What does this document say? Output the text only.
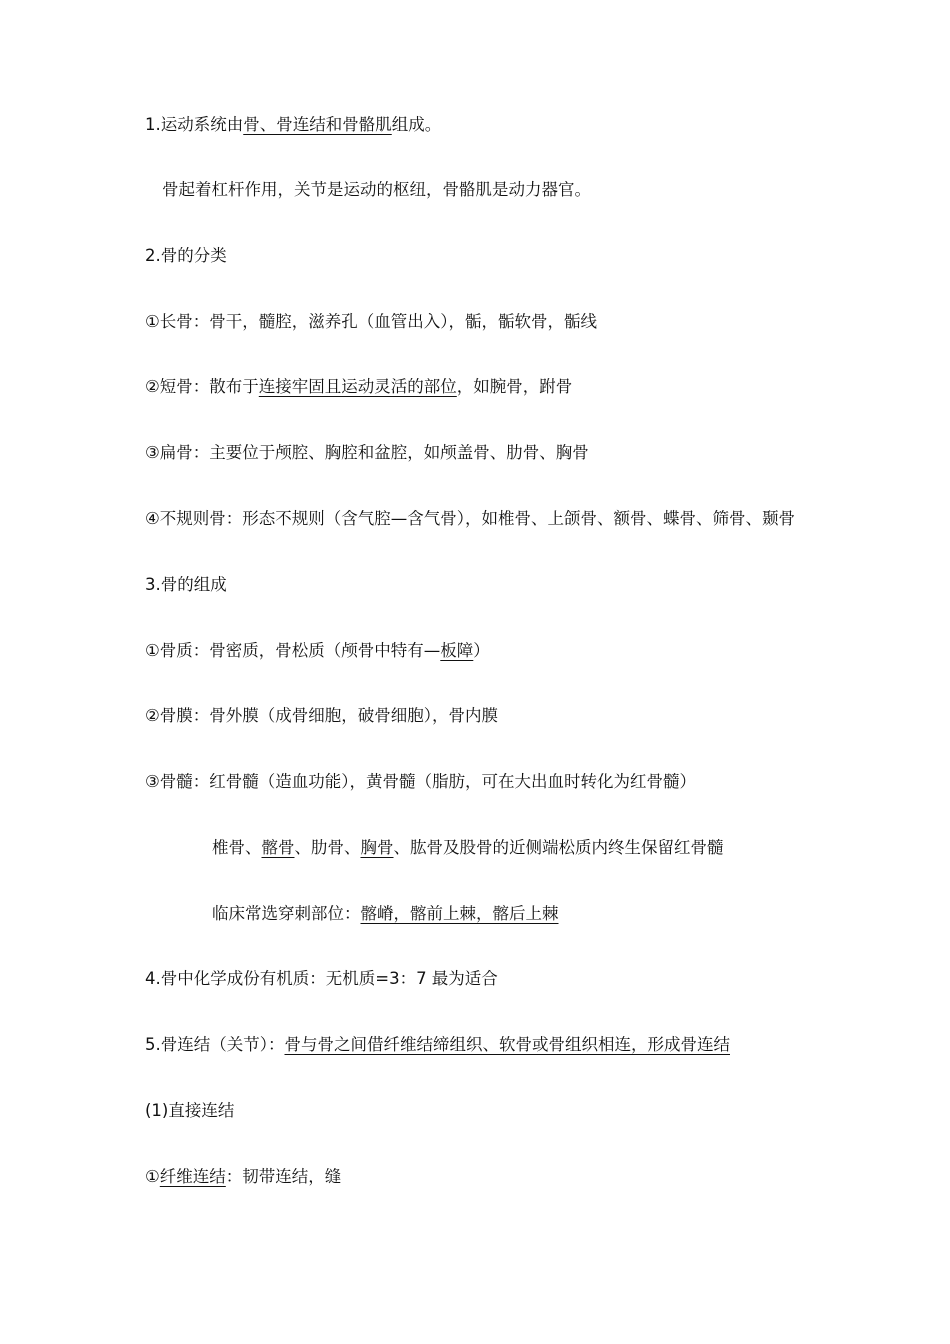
1.运动系统由骨、骨连结和骨骼肌组成。

骨起着杠杆作用，关节是运动的枢纽，骨骼肌是动力器官。

2.骨的分类

①长骨：骨干，髓腔，滋养孔（血管出入），骺，骺软骨，骺线

②短骨：散布于连接牢固且运动灵活的部位，如腕骨，跗骨

③扁骨：主要位于颅腔、胸腔和盆腔，如颅盖骨、肋骨、胸骨

④不规则骨：形态不规则（含气腔—含气骨），如椎骨、上颌骨、额骨、蝶骨、筛骨、颞骨

3.骨的组成

①骨质：骨密质，骨松质（颅骨中特有—板障）

②骨膜：骨外膜（成骨细胞，破骨细胞），骨内膜

③骨髓：红骨髓（造血功能），黄骨髓（脂肪，可在大出血时转化为红骨髓）

椎骨、髂骨、肋骨、胸骨、肱骨及股骨的近侧端松质内终生保留红骨髓

临床常选穿刺部位：髂嵴，髂前上棘，髂后上棘

4.骨中化学成份有机质：无机质=3：7 最为适合

5.骨连结（关节）：骨与骨之间借纤维结缔组织、软骨或骨组织相连，形成骨连结

(1)直接连结

①纤维连结：韧带连结，缝
